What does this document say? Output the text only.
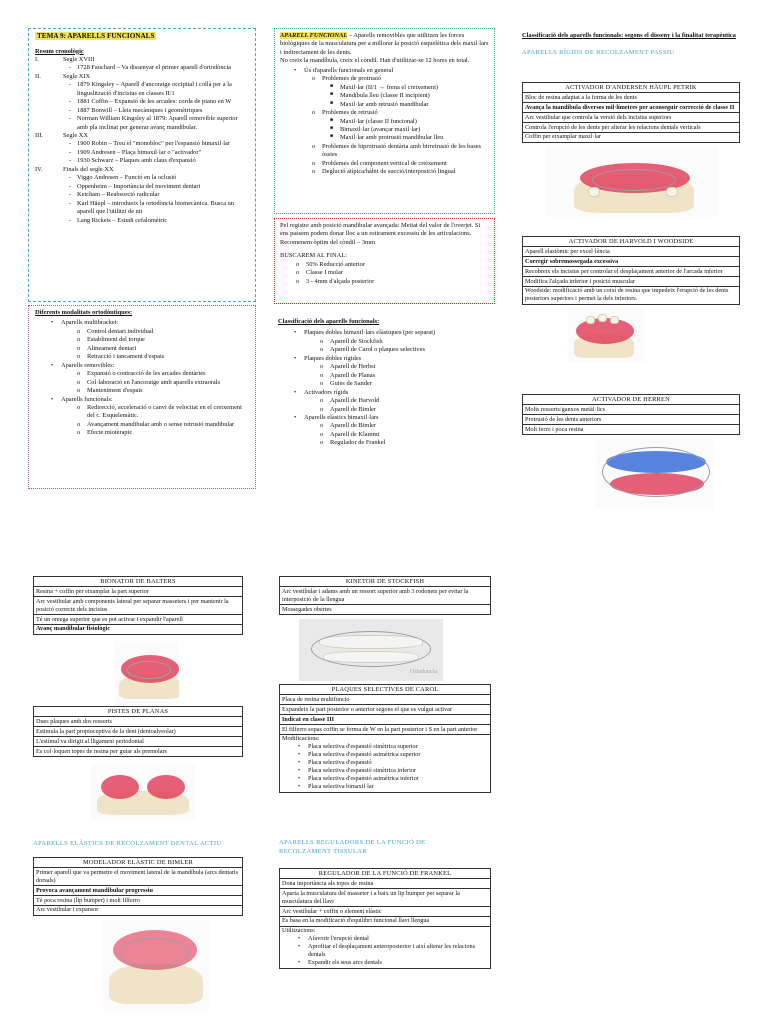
TEMA 9: APARELLS FUNCIONALS
Resum cronològic
I.	Segle XVIII
- 1728 Fauchard – Va dissenyar el primer aparell d'ortodòncia
II.	Segle XIX
- 1879 Kingsley – Aparell d'ancoratge occipital i collà per a la linguslització d'incisius en classes II/1
- 1881 Coffin – Expansió de les arcades: corda de piano en W
- 1887 Bonwill – Lleis mecàniques i geomètriques
- Norman William Kingsley al 1879: Aparell removible superior amb pla inclinat per generar avanç mandibular.
III.	Segle XX
- 1900 Robin – Treu el "monobloc" per l'espansió bimaxil·lar
- 1909 Andresen – Plaça bimaxil·lar o "activador"
- 1930 Schwarz – Plaques amb claus d'expansió
IV.	Finals del segle XX
- Viggo Andresen – Funció en la oclusió
- Oppenheim – Importància del moviment dentari
- Ketcham – Reabsorció radicular
- Karl Häupl – introdueix la ortodòncia biomecànica. Busca un aparell que l'utilitzi de nit
- Lang Rickets – Estudi cefalomètric
Diferents modalitats ortodòntiques:
•	Aparells multibracket:
o	Control dentari individual
o	Establiment del torque
o	Alineament dentari
o	Retracció i tancament d'espais
•	Aparells removibles:
o	Expansió o contracció de les arcades dentàries
o	Col·laboració en l'ancoratge amb aparells extraorals
o	Manteniment d'espais
•	Aparells funcionals:
o	Redirecció, acceleració o canvi de velocitat en el creixement del c. Esquelemàtic.
o	Avançament mandibular amb o sense retrusió mandibular
o	Efecte miotèrapic
APARELL FUNCIONAL – Aparells removibles que utilitzen les forces biològiques de la musculatura per a millorar la posició esquelètica dels maxil·lars i indirectament de les dents.
No creix la mandíbula, creix el còndil. Han d'utilitzar-se 12 hores en total.
•	Ús d'aparells funcionals en general
o	Problemes de protrusió
■	Maxil·lar (II/1 → frena el creixement)
■	Mandíbula lleu (classe II incipient)
■	Maxil·lar amb retrusió mandibular
o	Problemes de retrusió
■	Maxil·lar (classe II funcional)
■	Bimaxil·lar (avançar maxil·lar)
■	Maxil·lar amb protrusió mandibular lleu
o	Problemes de biprotrusió dentària amb birretrusió de les bases òssies
o	Problemes del component vertical de creixement
o	Deglució atípica/hàbit de succió/interposició lingual
Pel registre amb posició mandibular avançada: Meitat del valor de l'overjet. Si ens passem podem donar lloc a un estirament excessiu de les articulacions. Recomenem òptim del còndil – 3mm
BUSCAREM AL FINAL:
o	50% Reducció anterior
o	Classe I molar
o	3 - 4mm d'alçada posterior
Classificació dels aparells funcionals:
•	Plaques dobles bimaxil·lars elàstiques (per separat)
o	Aparell de Stockfish
o	Aparell de Carol o plaques selectives
•	Plaques dobles rígides
o	Aparell de Herbst
o	Aparell de Planas
o	Guies de Sander
•	Activadors rígids
o	Aparell de Harvold
o	Aparell de Bimler
•	Aparells elàstics bimaxil·lars
o	Aparell de Bimler
o	Aparell de Klammt
o	Regulador de Frankel
Classificació dels aparells funcionals: segons el disseny i la finalitat terapèutica
APARELLS RÍGIDS DE RECOLZAMENT PASSIU
ACTIVADOR D'ANDERSEN HÄUPL PETRIK
Bloc de resina adaptat a la forma de les dents
Avança la mandíbula diversos mil·límetres per aconseguir correcció de classe II
Arc vestibular que controla la versió dels incisius superiors
Controla l'erupció de les dents per alterar les relacions dentals verticals
Coffin per eixamplar maxil·lar
ACTIVADOR DE HARVOLD I WOODSIDE
Aparell elastòmic per excel·lència
Corregir sobremossegada excessiva
Recobreix els incisius per controlar el desplaçament anterior de l'arcada inferior
Modifica l'alçada inferior i posició muscular
Woodside: modificació amb un coixí de resina que impedeix l'erupció de les dents posteriors superiors i permet la dels inferiors.
ACTIVADOR DE HERREN
Molts ressorts/ganxos metàl·lics
Protrusió de les dents anteriors
Molt ferro i poca resina
BIONATOR DE BALTERS
Resina + coffin per eixamplar la part superior
Arc vestibular amb components lateral per separar masseters i per mantenir la posició correcte dels incisius
Té un omega superior que es pot activar i expandir l'aparell
Avanç mandibular fisiològic
PISTES DE PLANAS
Dues plaques amb dos ressorts
Estimula la part propioceptiva de la dent (dentoalveolar)
L'estímul va dirigit al lligament periodontal
Es col·loquen topes de resina per guiar als premolars
APARELLS ELÀSTICS DE RECOLZAMENT DENTAL ACTIU
MODELADOR ELÀSTIC DE BIMLER
Primer aparell que va permetre el moviment lateral de la mandíbula (arcs dentaris dorsals)
Provoca avançament mandibular progressiu
Té poca resina (lip bumper) i molt filferro
Arc vestibular i expansor
KINETOR DE STOCKFISH
Arc vestibular i adams amb un ressort superior amb 3 rodonets per evitar la interposició de la llengua
Mossegades obertes
Ortodoncia
PLAQUES SELECTIVES DE CAROL
Placa de resina multifuncio
Expandeix la part posterior o anterior segons el que es vulgui activar
Indicat en classe III
El filferro sopas coffin se forma de W en la part posterior i S en la part anterior

Modificacions:
•	Placa selectiva d'espansió simètrica superior
•	Placa selectiva d'espansió asimètrica superior
•	Placa selectiva d'espansió
•	Placa selectiva d'espansió simètrica inferior
•	Placa selectiva d'espansió asimètrica inferior
•	Placa selectiva bimaxil·lar
APARELLS REGULADORS DE LA FUNCIÓ DE RECOLZAMENT TISSULAR
REGULADOR DE LA FUNCIÓ DE FRANKEL
Dona importància als topes de resina
Aparta la musculatura del masseter i a baix un lip bumper per separar la musculatura del llavi
Arc vestibular + coffin o element elàstic
Es basa en la modificació d'equilibri funcional llavi llengua

Utilitzacions:
•	Afavorir l'erupció dental
•	Aprofitar el desplaçament anteroposterior i així alterar les relacions dentals
•	Expandir els seus arcs dentals
